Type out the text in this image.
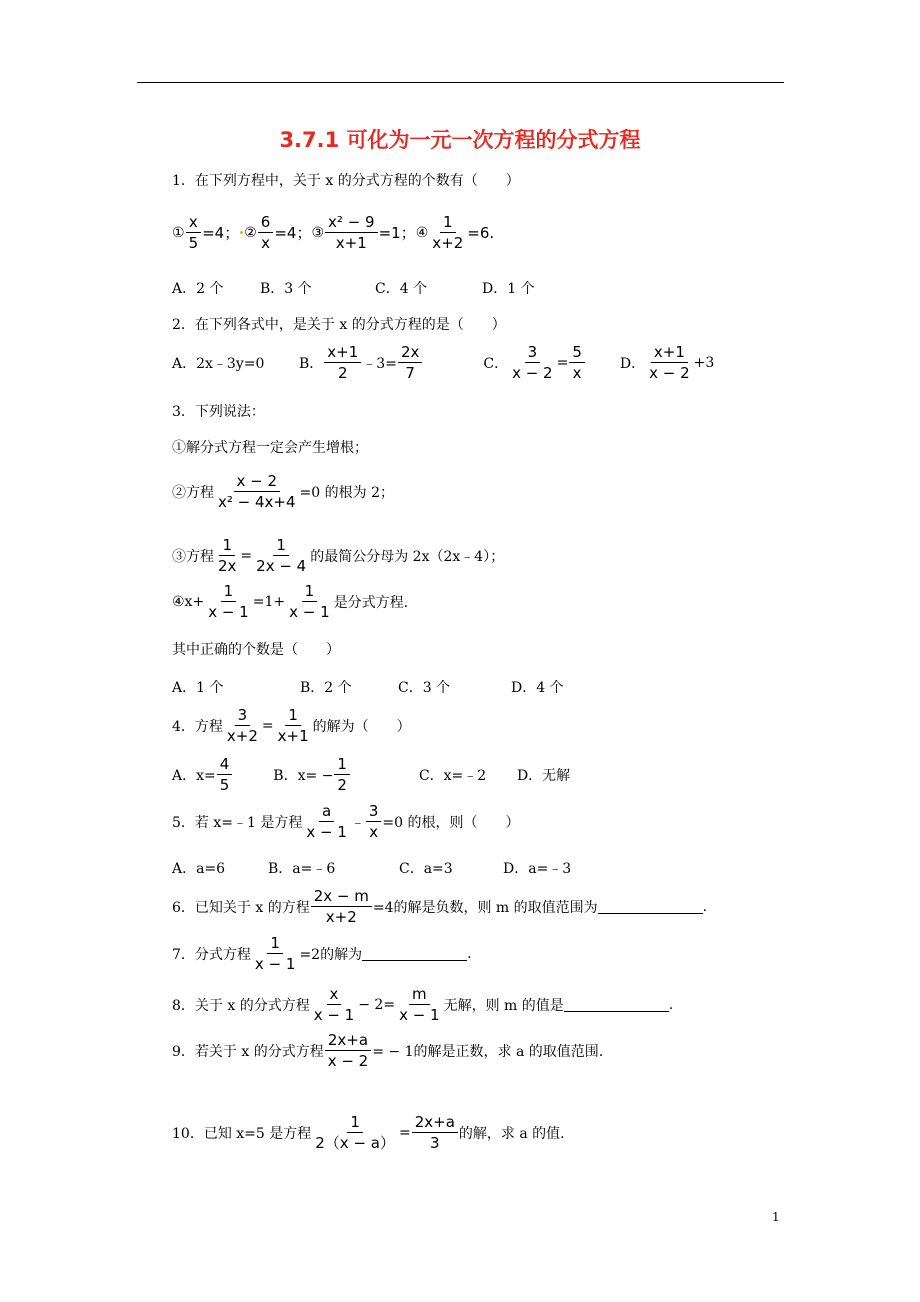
3.7.1 可化为一元一次方程的分式方程
1．在下列方程中，关于 x 的分式方程的个数有（　　）
① $\frac{x}{5} =4$； ② $\frac{6}{x} =4$； ③ $\frac{\text{x² − 9}}{x+1} =1$； ④ $\frac{1}{x+2} =6$.
A．2 个	B．3 个	C．4 个	D．1 个
2．在下列各式中，是关于 x 的分式方程的是（　　）
A．2x﹣3y=0	B． $\frac{x+1}{2}$ ﹣3= $\frac{2x}{7}$	C． $\frac{3}{x - 2} = \frac{5}{x}$	D． $\frac{x+1}{x - 2} +3$
3．下列说法：
①解分式方程一定会产生增根；
②方程 $\frac{x - 2}{\text{x² − 4x+4}} =0$ 的根为 2；
③方程 $\frac{1}{2x} = \frac{1}{2x - 4}$ 的最简公分母为 2x（2x﹣4）；
④x+ $\frac{1}{x - 1} =1+ \frac{1}{x - 1}$ 是分式方程.
其中正确的个数是（　　）
A．1 个	B．2 个	C．3 个	D．4 个
4．方程 $\frac{3}{x+2} = \frac{1}{x+1}$ 的解为（　　）
A．$x= \frac{4}{5}$	B．$x= - \frac{1}{2}$	C．x=﹣2	D．无解
5．若 x=﹣1 是方程 $\frac{a}{x - 1}$ ﹣ $\frac{3}{x} =0$ 的根，则（　　）
A．a=6	B．a=﹣6	C．a=3	D．a=﹣3
6．已知关于 x 的方程 $\frac{2x - m}{x+2} =4$的解是负数，则 m 的取值范围为	.
7．分式方程 $\frac{1}{x - 1} =2$的解为	.
8．关于 x 的分式方程 $\frac{x}{x - 1} - 2= \frac{m}{x - 1}$ 无解，则 m 的值是	.
9．若关于 x 的分式方程 $\frac{2x+a}{x - 2}$ = − 1的解是正数，求 a 的取值范围.
10．已知 x=5 是方程 $\frac{1}{2(x - a)} = \frac{2x+a}{3}$ 的解，求 a 的值.
1
